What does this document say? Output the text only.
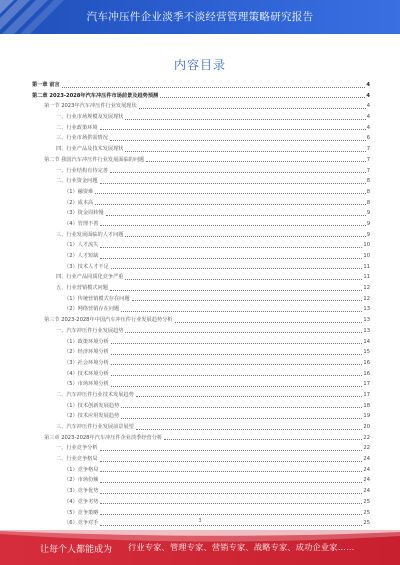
汽车冲压件企业淡季不淡经营管理策略研究报告
内容目录
第一章 前言	4
第二章 2023-2028年汽车冲压件市场前景及趋势预测	4
第一节 2023年汽车冲压件行业发展现状	4
一、行业市场规模及发展现状	4
二、行业政策环境	4
三、行业市场供需情况	6
四、行业产品及技术发展现状	7
第二节 我国汽车冲压件行业发展面临的问题	7
一、行业结构有待完善	7
二、行业资金问题	8
（1）融资难	8
（2）成本高	8
（3）资金周转慢	9
（4）管理不善	9
三、行业发展面临的人才问题	9
（1）人才流失	10
（2）人才短缺	10
（3）技术人才不足	11
四、行业产品同质化竞争严重	11
五、行业营销模式问题	12
（1）传统营销模式存在问题	12
（2）网络营销存在问题	13
第三节 2023-2028年中国汽车冲压件行业发展趋势分析	13
一、汽车冲压件行业发展趋势	13
（1）政策环境分析	14
（2）经济环境分析	15
（3）社会环境分析	16
（4）技术环境分析	16
（5）市场环境分析	17
二、汽车冲压件行业技术发展趋势	17
（1）技术创新发展趋势	18
（2）技术应用发展趋势	19
三、汽车冲压件行业发展前景展望	20
第三章 2023-2028年汽车冲压件企业淡季经营分析	22
一、行业竞争分析	22
二、行业竞争格局	24
（1）竞争格局	24
（2）市场份额	24
（3）竞争优势	24
（4）竞争劣势	25
（5）竞争策略	25
（6）竞争对手	25
3
让每个人都能成为 行业专家、管理专家、营销专家、战略专家、成功企业家……
